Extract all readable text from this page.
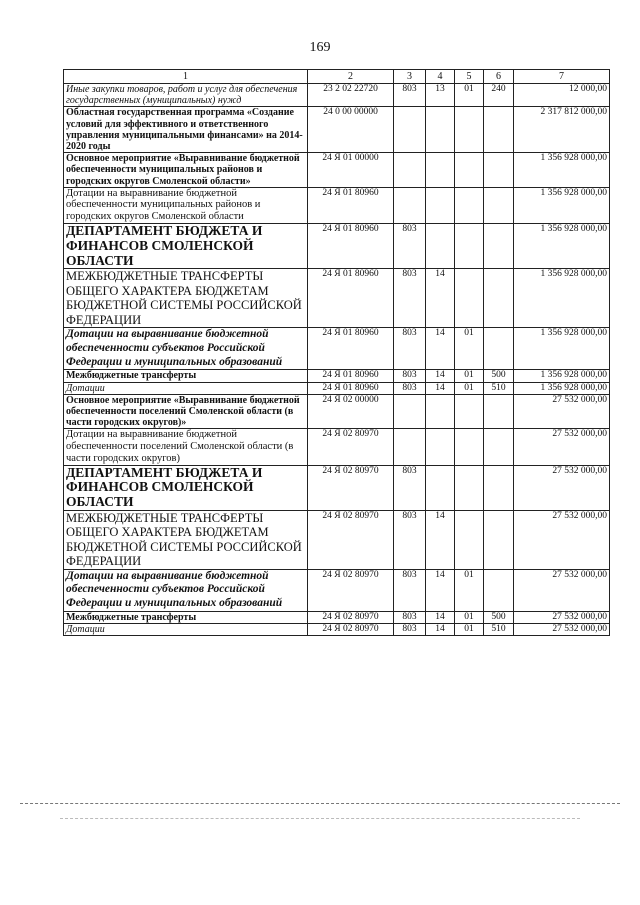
169
1	2	3	4	5	6	7
Иные закупки товаров, работ и услуг для обеспечения государственных (муниципальных) нужд	23 2 02 22720	803	13	01	240	12 000,00
Областная государственная программа «Создание условий для эффективного и ответственного управления муниципальными финансами» на 2014-2020 годы	24 0 00 00000					2 317 812 000,00
Основное мероприятие «Выравнивание бюджетной обеспеченности муниципальных районов и городских округов Смоленской области»	24 Я 01 00000					1 356 928 000,00
Дотации на выравнивание бюджетной обеспеченности муниципальных районов и городских округов Смоленской области	24 Я 01 80960					1 356 928 000,00
ДЕПАРТАМЕНТ БЮДЖЕТА И ФИНАНСОВ СМОЛЕНСКОЙ ОБЛАСТИ	24 Я 01 80960	803				1 356 928 000,00
МЕЖБЮДЖЕТНЫЕ ТРАНСФЕРТЫ ОБЩЕГО ХАРАКТЕРА БЮДЖЕТАМ БЮДЖЕТНОЙ СИСТЕМЫ РОССИЙСКОЙ ФЕДЕРАЦИИ	24 Я 01 80960	803	14			1 356 928 000,00
Дотации на выравнивание бюджетной обеспеченности субъектов Российской Федерации и муниципальных образований	24 Я 01 80960	803	14	01		1 356 928 000,00
Межбюджетные трансферты	24 Я 01 80960	803	14	01	500	1 356 928 000,00
Дотации	24 Я 01 80960	803	14	01	510	1 356 928 000,00
Основное мероприятие «Выравнивание бюджетной обеспеченности поселений Смоленской области (в части городских округов)»	24 Я 02 00000					27 532 000,00
Дотации на выравнивание бюджетной обеспеченности поселений Смоленской области (в части городских округов)	24 Я 02 80970					27 532 000,00
ДЕПАРТАМЕНТ БЮДЖЕТА И ФИНАНСОВ СМОЛЕНСКОЙ ОБЛАСТИ	24 Я 02 80970	803				27 532 000,00
МЕЖБЮДЖЕТНЫЕ ТРАНСФЕРТЫ ОБЩЕГО ХАРАКТЕРА БЮДЖЕТАМ БЮДЖЕТНОЙ СИСТЕМЫ РОССИЙСКОЙ ФЕДЕРАЦИИ	24 Я 02 80970	803	14			27 532 000,00
Дотации на выравнивание бюджетной обеспеченности субъектов Российской Федерации и муниципальных образований	24 Я 02 80970	803	14	01		27 532 000,00
Межбюджетные трансферты	24 Я 02 80970	803	14	01	500	27 532 000,00
Дотации	24 Я 02 80970	803	14	01	510	27 532 000,00
